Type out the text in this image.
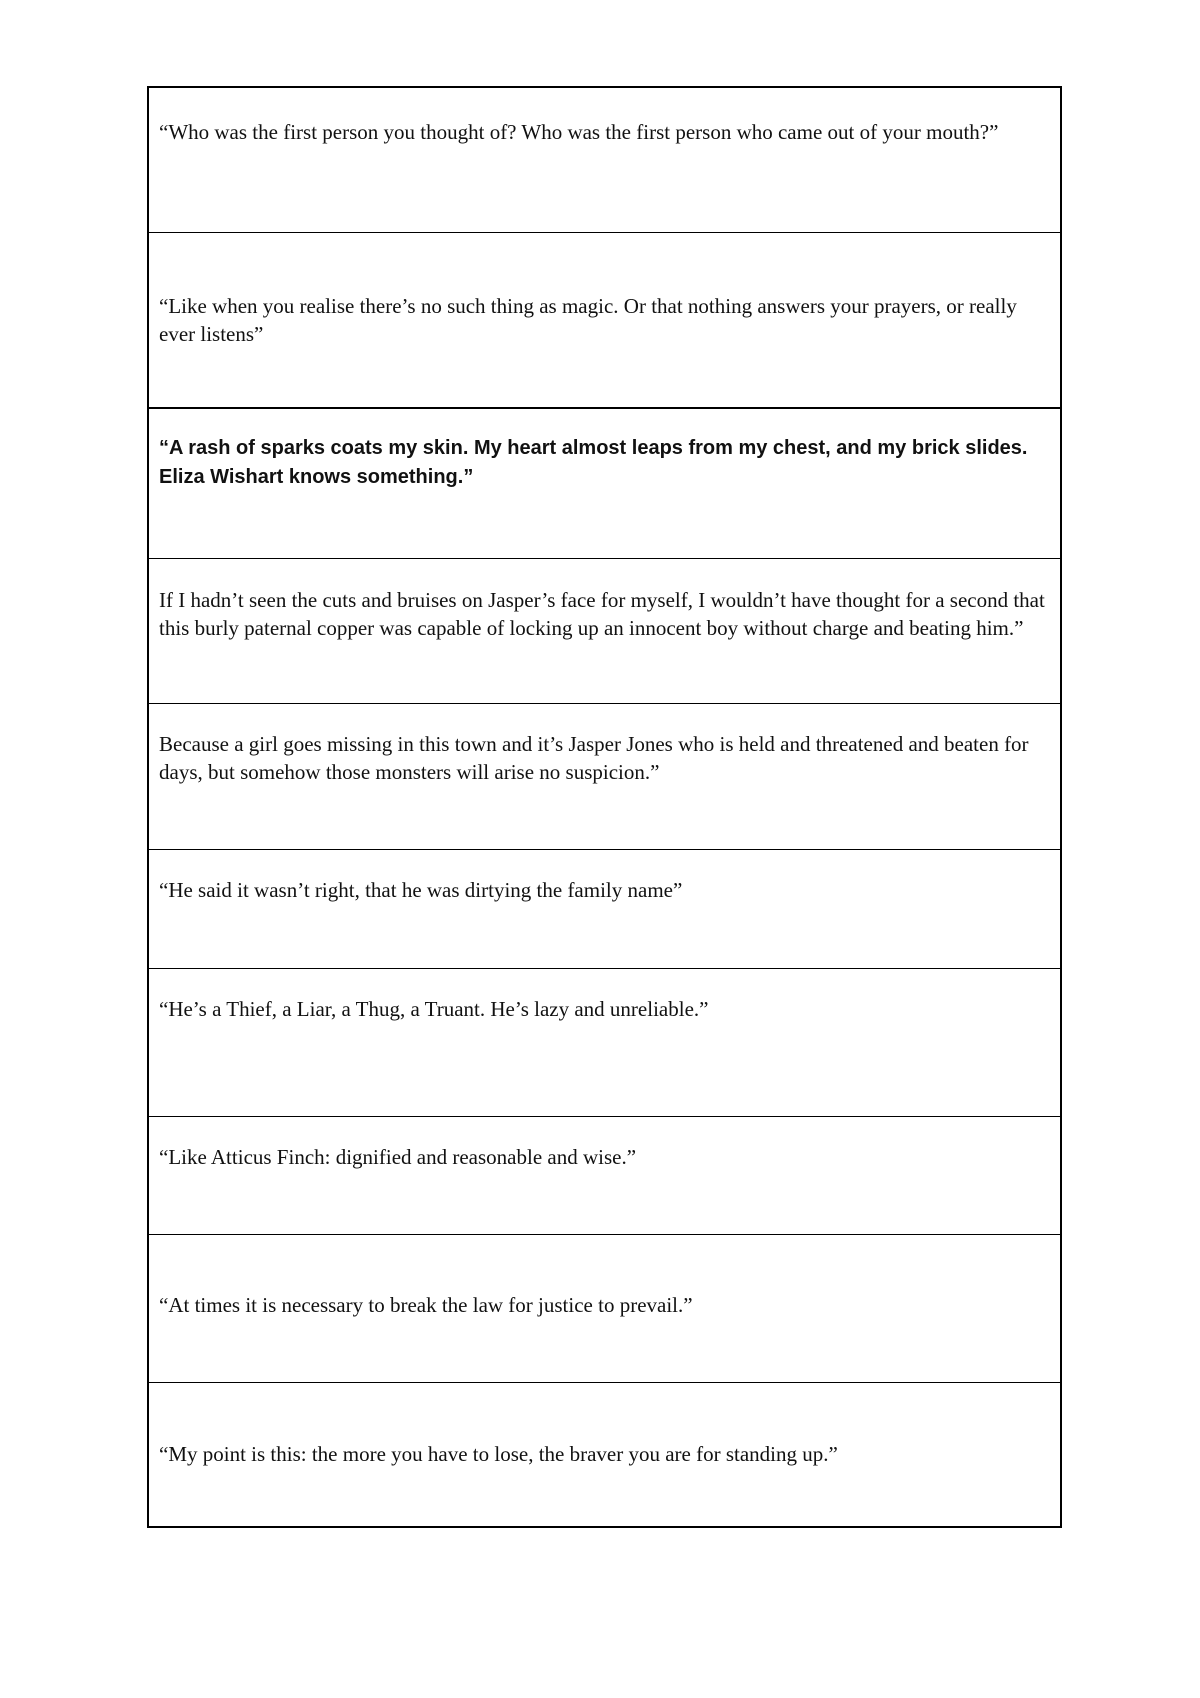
“Who was the first person you thought of? Who was the first person who came out of your mouth?”

“Like when you realise there’s no such thing as magic. Or that nothing answers your prayers, or really ever listens”

“A rash of sparks coats my skin. My heart almost leaps from my chest, and my brick slides. Eliza Wishart knows something.”

If I hadn’t seen the cuts and bruises on Jasper’s face for myself, I wouldn’t have thought for a second that this burly paternal copper was capable of locking up an innocent boy without charge and beating him.”

Because a girl goes missing in this town and it’s Jasper Jones who is held and threatened and beaten for days, but somehow those monsters will arise no suspicion.”

“He said it wasn’t right, that he was dirtying the family name”

“He’s a Thief, a Liar, a Thug, a Truant. He’s lazy and unreliable.”

“Like Atticus Finch: dignified and reasonable and wise.”

“At times it is necessary to break the law for justice to prevail.”

“My point is this: the more you have to lose, the braver you are for standing up.”
